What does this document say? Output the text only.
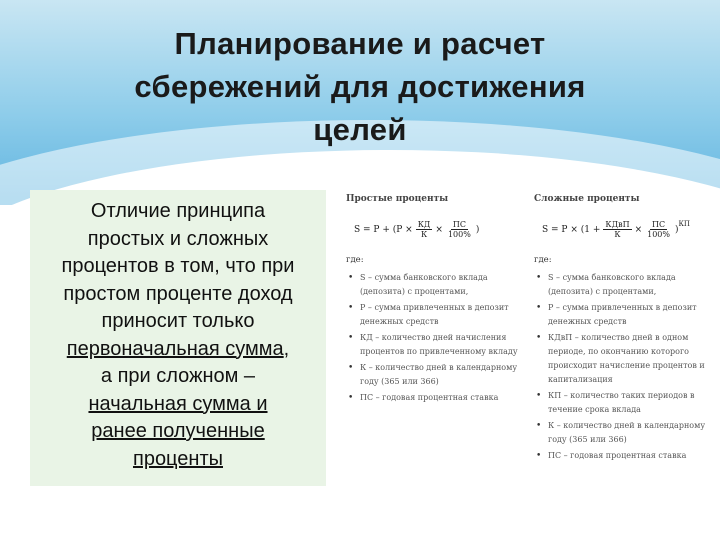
Планирование и расчет
сбережений для достижения
целей
Отличие принципа
простых и сложных
процентов в том, что при
простом проценте доход
приносит только
первоначальная сумма,
а при сложном –
начальная сумма и
ранее полученные
проценты
Простые проценты
$S = P + (P \times \frac{КД}{К} \times \frac{ПС}{100\%}$ )
где:
• S – сумма банковского вклада (депозита) с процентами,
• P – сумма привлеченных в депозит денежных средств
• КД – количество дней начисления процентов по привлеченному вкладу
• К – количество дней в календарному году (365 или 366)
• ПС – годовая процентная ставка
Сложные проценты
$S = P \times (1 + \frac{\text{КДвП}}{К} \times \frac{ПС}{100\%}$ )
$^{КП}$
где:
• S – сумма банковского вклада (депозита) с процентами,
• P – сумма привлеченных в депозит денежных средств
• КДвП – количество дней в одном периоде, по окончанию которого происходит начисление процентов и капитализация
• КП – количество таких периодов в течение срока вклада
• К – количество дней в календарному году (365 или 366)
• ПС – годовая процентная ставка
